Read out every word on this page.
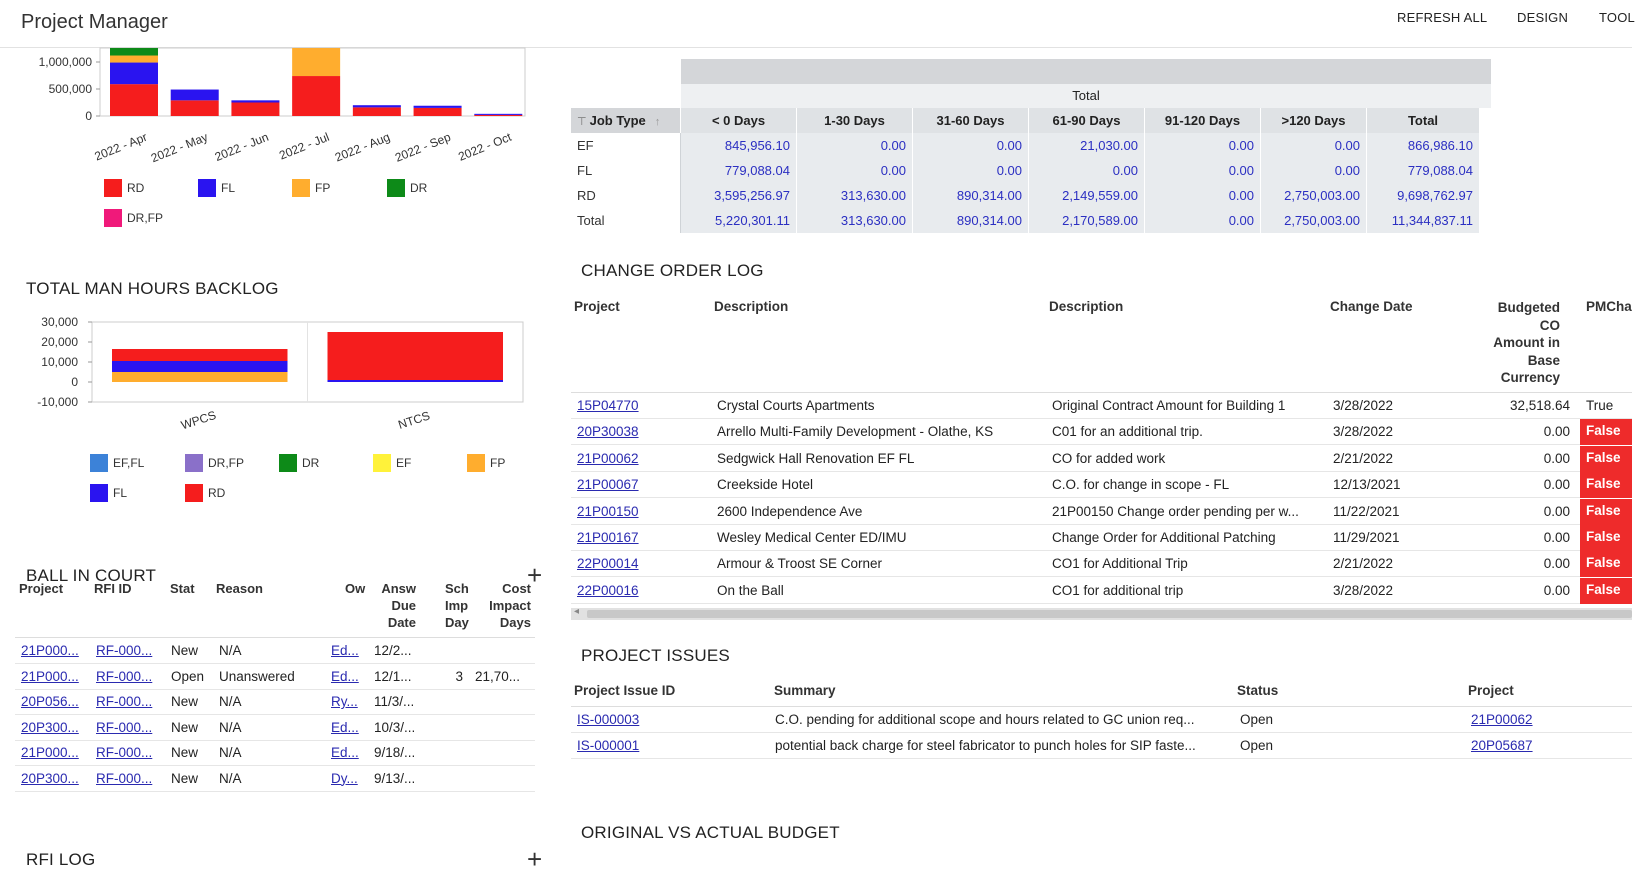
Project Manager	REFRESH ALL DESIGN TOOL
1,000,000
500,000
0
2022 - Apr 2022 - May 2022 - Jun 2022 - Jul 2022 - Aug 2022 - Sep 2022 - Oct
RD	FL	FP	DR
DR,FP
TOTAL MAN HOURS BACKLOG
30,000
20,000
10,000
0
-10,000
WPCS	NTCS
EF,FL	DR,FP	DR	EF	FP
FL	RD
BALL IN COURT	+
Project RFI ID	Stat Reason	Ow	Answ
Due
Date
Sch
Imp
Day
Cost
Impact
Days
21P000...	RF-000...	New N/A	Ed... 12/2...
21P000...	RF-000...	Open Unanswered	Ed... 12/1...	3 21,70...
20P056...	RF-000...	New N/A	Ry... 11/3/...
20P300...	RF-000...	New N/A	Ed... 10/3/...
21P000...	RF-000...	New N/A	Ed... 9/18/...
20P300...	RF-000...	New N/A	Dy... 9/13/...
RFI LOG	+
Total
⊤ Job Type ↑	< 0 Days	1-30 Days	31-60 Days	61-90 Days	91-120 Days	>120 Days	Total
EF	845,956.10	0.00	0.00	21,030.00	0.00	0.00	866,986.10
FL	779,088.04	0.00	0.00	0.00	0.00	0.00	779,088.04
RD	3,595,256.97	313,630.00	890,314.00	2,149,559.00	0.00	2,750,003.00	9,698,762.97
Total	5,220,301.11	313,630.00	890,314.00	2,170,589.00	0.00	2,750,003.00	11,344,837.11
CHANGE ORDER LOG
Project	Description	Description	Change Date	Budgeted
CO
Amount in
Base
Currency
PMCha
15P04770	Crystal Courts Apartments	Original Contract Amount for Building 1	3/28/2022	32,518.64 True
20P30038	Arrello Multi-Family Development - Olathe, KS	C01 for an additional trip.	3/28/2022	0.00	False
21P00062	Sedgwick Hall Renovation EF FL	CO for added work	2/21/2022	0.00	False
21P00067	Creekside Hotel	C.O. for change in scope - FL	12/13/2021	0.00	False
21P00150	2600 Independence Ave	21P00150 Change order pending per w...	11/22/2021	0.00	False
21P00167	Wesley Medical Center ED/IMU	Change Order for Additional Patching	11/29/2021	0.00	False
22P00014	Armour & Troost SE Corner	CO1 for Additional Trip	2/21/2022	0.00	False
22P00016	On the Ball	CO1 for additional trip	3/28/2022	0.00	False
◂
PROJECT ISSUES
Project Issue ID	Summary	Status	Project
IS-000003	C.O. pending for additional scope and hours related to GC union req...	Open	21P00062
IS-000001	potential back charge for steel fabricator to punch holes for SIP faste...	Open	20P05687
ORIGINAL VS ACTUAL BUDGET
